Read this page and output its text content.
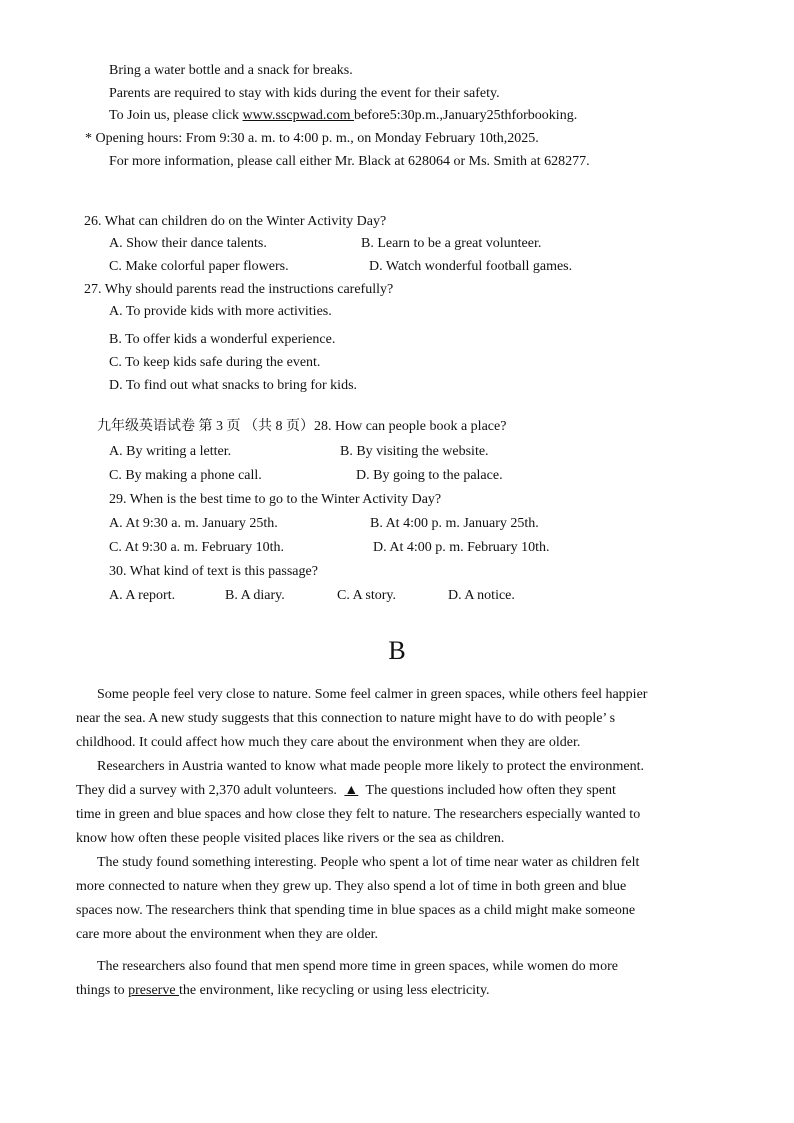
Bring a water bottle and a snack for breaks.
Parents are required to stay with kids during the event for their safety.
To Join us, please click www.sscpwad.com before5:30p.m.,January25thforbooking.
* Opening hours: From 9:30 a. m. to 4:00 p. m., on Monday February 10th,2025.
For more information, please call either Mr. Black at 628064 or Ms. Smith at 628277.
26. What can children do on the Winter Activity Day?
A. Show their dance talents.	B. Learn to be a great volunteer.
C. Make colorful paper flowers.	D. Watch wonderful football games.
27. Why should parents read the instructions carefully?
A. To provide kids with more activities.
B. To offer kids a wonderful experience.
C. To keep kids safe during the event.
D. To find out what snacks to bring for kids.
九年级英语试卷 第 3 页 （共 8 页）28. How can people book a place?
A. By writing a letter.	B. By visiting the website.
C. By making a phone call.	D. By going to the palace.
29. When is the best time to go to the Winter Activity Day?
A. At 9:30 a. m. January 25th.	B. At 4:00 p. m. January 25th.
C. At 9:30 a. m. February 10th.	D. At 4:00 p. m. February 10th.
30. What kind of text is this passage?
A. A report.	B. A diary.	C. A story.	D. A notice.
B
Some people feel very close to nature. Some feel calmer in green spaces, while others feel happier
near the sea. A new study suggests that this connection to nature might have to do with people’ s
childhood. It could affect how much they care about the environment when they are older.
Researchers in Austria wanted to know what made people more likely to protect the environment.
They did a survey with 2,370 adult volunteers. ▲ The questions included how often they spent
time in green and blue spaces and how close they felt to nature. The researchers especially wanted to
know how often these people visited places like rivers or the sea as children.
The study found something interesting. People who spent a lot of time near water as children felt
more connected to nature when they grew up. They also spend a lot of time in both green and blue
spaces now. The researchers think that spending time in blue spaces as a child might make someone
care more about the environment when they are older.
The researchers also found that men spend more time in green spaces, while women do more
things to preserve the environment, like recycling or using less electricity.
